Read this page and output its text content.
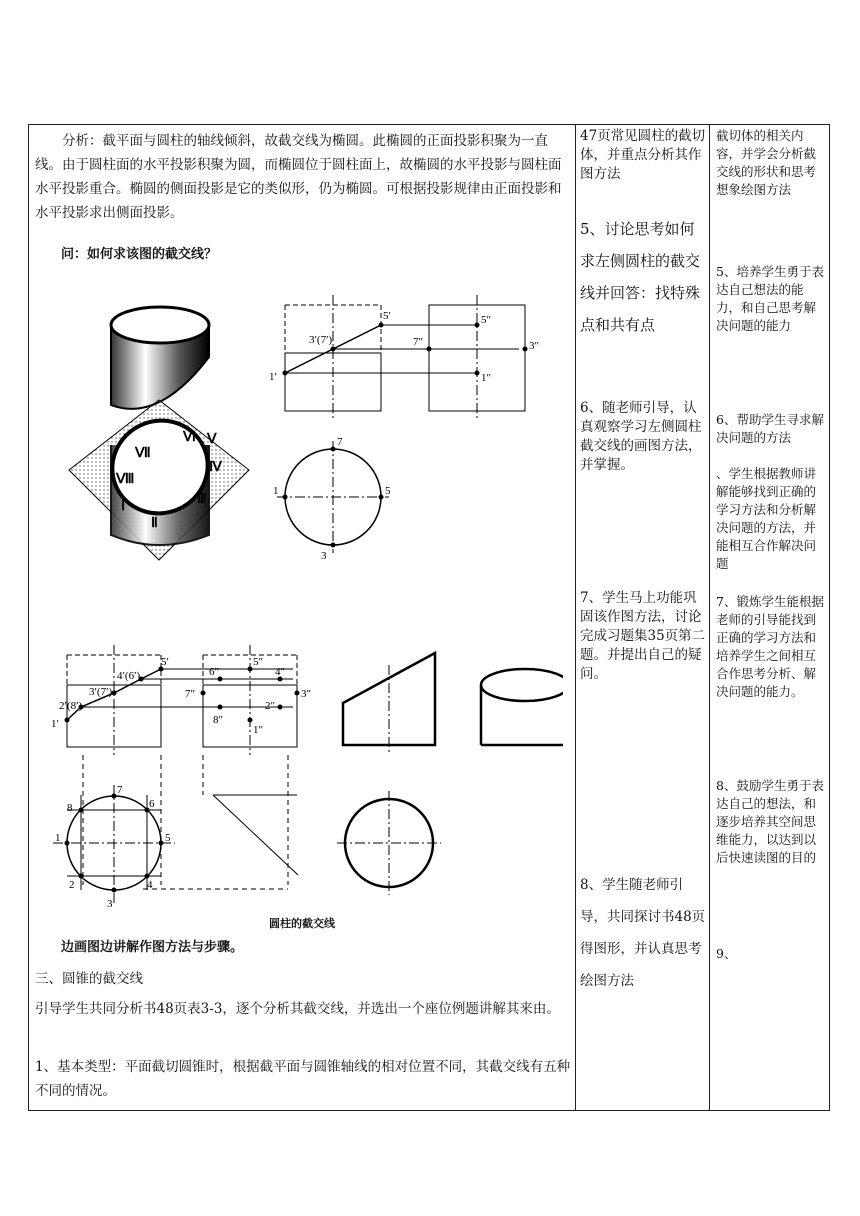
分析：截平面与圆柱的轴线倾斜，故截交线为椭圆。此椭圆的正面投影积聚为一直线。由于圆柱面的水平投影积聚为圆，而椭圆位于圆柱面上，故椭圆的水平投影与圆柱面水平投影重合。椭圆的侧面投影是它的类似形，仍为椭圆。可根据投影规律由正面投影和水平投影求出侧面投影。
问：如何求该图的截交线？
Ⅰ
Ⅱ
Ⅲ
Ⅳ
Ⅴ
Ⅵ
Ⅶ
Ⅷ
1′
3′(7′)
5′
7″
5″
3″
1″
7
1	5
3
1′
2′(8′)
3′(7′)
4′(6′)
5′
6″
5″
4″
7″	3″
2″
8″
1″
7
8	6
1	5
2	4
3
圆柱的截交线
边画图边讲解作图方法与步骤。
三、圆锥的截交线
引导学生共同分析书48页表3-3，逐个分析其截交线，并选出一个座位例题讲解其来由。
1、基本类型：平面截切圆锥时，根据截平面与圆锥轴线的相对位置不同，其截交线有五种不同的情况。
47页常见圆柱的截切体，并重点分析其作图方法
5、讨论思考如何求左侧圆柱的截交线并回答：找特殊点和共有点
6、随老师引导，认真观察学习左侧圆柱截交线的画图方法，并掌握。
7、学生马上功能巩固该作图方法，讨论完成习题集35页第二题。并提出自己的疑问。
8、学生随老师引导，共同探讨书48页得图形，并认真思考绘图方法
截切体的相关内容，并学会分析截交线的形状和思考想象绘图方法
5、培养学生勇于表达自己想法的能力，和自己思考解决问题的能力
6、帮助学生寻求解决问题的方法
、学生根据教师讲解能够找到正确的学习方法和分析解决问题的方法，并能相互合作解决问题
7、锻炼学生能根据老师的引导能找到正确的学习方法和培养学生之间相互合作思考分析、解决问题的能力。
8、鼓励学生勇于表达自己的想法，和逐步培养其空间思维能力，以达到以后快速读图的目的
9、
